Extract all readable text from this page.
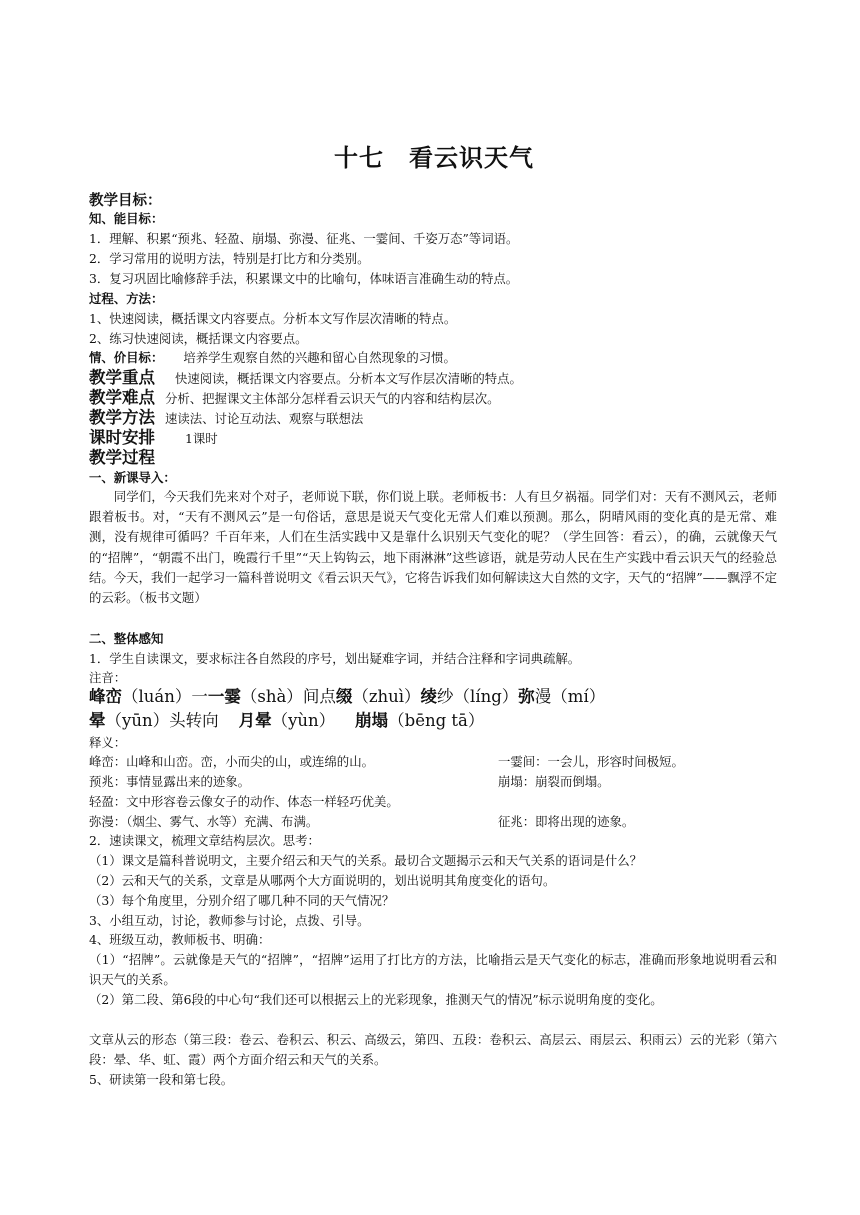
十七　看云识天气
教学目标：
知、能目标：
1．理解、积累“预兆、轻盈、崩塌、弥漫、征兆、一霎间、千姿万态”等词语。
2．学习常用的说明方法，特别是打比方和分类别。
3．复习巩固比喻修辞手法，积累课文中的比喻句，体味语言准确生动的特点。
过程、方法：
1、快速阅读，概括课文内容要点。分析本文写作层次清晰的特点。
2、练习快速阅读，概括课文内容要点。
情、价目标： 培养学生观察自然的兴趣和留心自然现象的习惯。
教学重点 快速阅读，概括课文内容要点。分析本文写作层次清晰的特点。
教学难点 分析、把握课文主体部分怎样看云识天气的内容和结构层次。
教学方法 速读法、讨论互动法、观察与联想法
课时安排 1课时
教学过程
一、新课导入：
同学们，今天我们先来对个对子，老师说下联，你们说上联。老师板书：人有旦夕祸福。同学们对：天有不测风云，老师跟着板书。对，“天有不测风云”是一句俗话，意思是说天气变化无常人们难以预测。那么，阴晴风雨的变化真的是无常、难测，没有规律可循吗？千百年来，人们在生活实践中又是靠什么识别天气变化的呢？（学生回答：看云），的确，云就像天气的“招牌”，“朝霞不出门，晚霞行千里”“天上钩钩云，地下雨淋淋”这些谚语，就是劳动人民在生产实践中看云识天气的经验总结。今天，我们一起学习一篇科普说明文《看云识天气》，它将告诉我们如何解读这大自然的文字，天气的“招牌”——飘浮不定的云彩。（板书文题）
二、整体感知
1．学生自读课文，要求标注各自然段的序号，划出疑难字词，并结合注释和字词典疏解。
注音：
峰峦（luán）一一霎（shà）间点缀（zhuì）绫纱（líng）弥漫（mí）
晕（yūn）头转向 月晕（yùn） 崩塌（bēng tā）
释义：
峰峦：山峰和山峦。峦，小而尖的山，或连绵的山。	一霎间：一会儿，形容时间极短。
预兆：事情显露出来的迹象。	崩塌：崩裂而倒塌。
轻盈：文中形容卷云像女子的动作、体态一样轻巧优美。
弥漫：（烟尘、雾气、水等）充满、布满。	征兆：即将出现的迹象。
2．速读课文，梳理文章结构层次。思考：
（1）课文是篇科普说明文，主要介绍云和天气的关系。最切合文题揭示云和天气关系的语词是什么？
（2）云和天气的关系，文章是从哪两个大方面说明的，划出说明其角度变化的语句。
（3）每个角度里，分别介绍了哪几种不同的天气情况？
3、小组互动，讨论，教师参与讨论，点拨、引导。
4、班级互动，教师板书、明确：
（1）“招牌”。云就像是天气的“招牌”，“招牌”运用了打比方的方法，比喻指云是天气变化的标志，准确而形象地说明看云和识天气的关系。
（2）第二段、第6段的中心句“我们还可以根据云上的光彩现象，推测天气的情况”标示说明角度的变化。
文章从云的形态（第三段：卷云、卷积云、积云、高级云，第四、五段：卷积云、高层云、雨层云、积雨云）云的光彩（第六段：晕、华、虹、霞）两个方面介绍云和天气的关系。
5、研读第一段和第七段。
